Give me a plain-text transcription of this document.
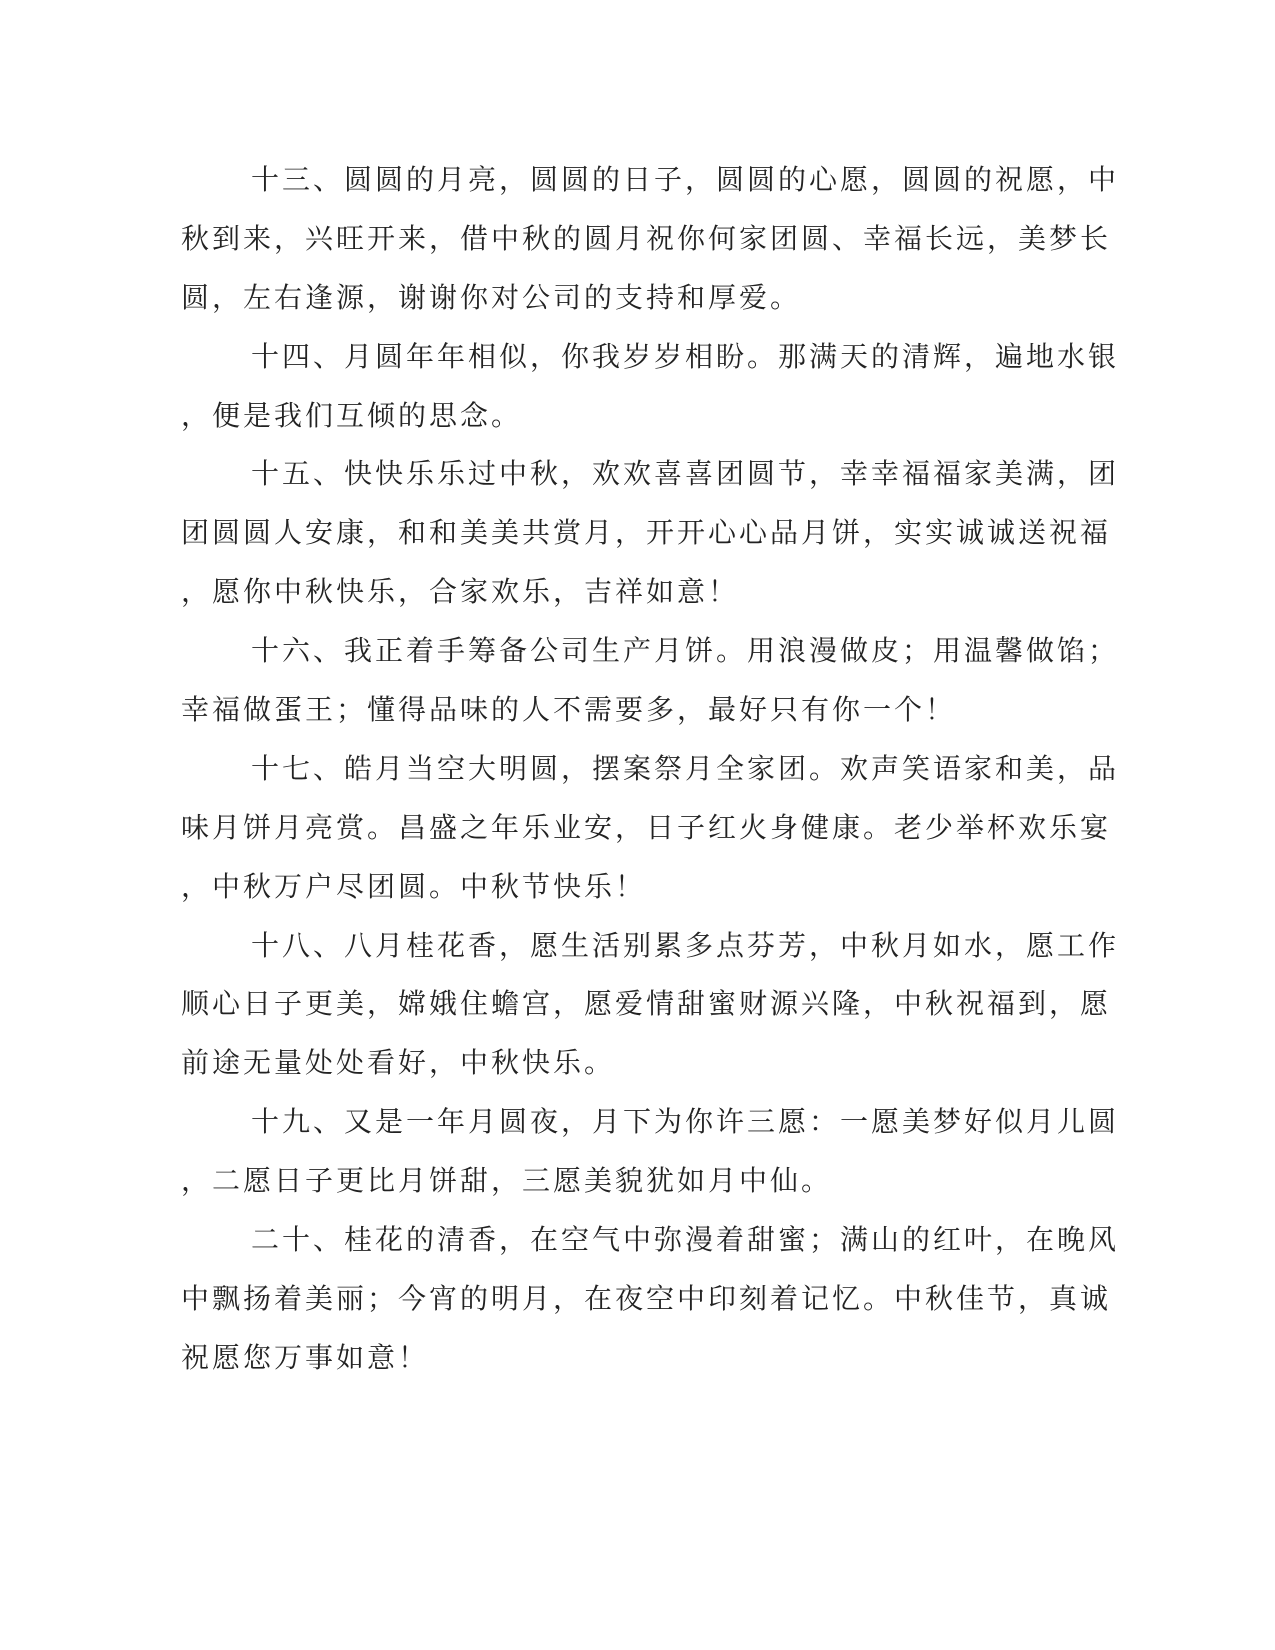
十三、圆圆的月亮，圆圆的日子，圆圆的心愿，圆圆的祝愿，中
秋到来，兴旺开来，借中秋的圆月祝你何家团圆、幸福长远，美梦长
圆，左右逢源，谢谢你对公司的支持和厚爱。
十四、月圆年年相似，你我岁岁相盼。那满天的清辉，遍地水银
，便是我们互倾的思念。
十五、快快乐乐过中秋，欢欢喜喜团圆节，幸幸福福家美满，团
团圆圆人安康，和和美美共赏月，开开心心品月饼，实实诚诚送祝福
，愿你中秋快乐，合家欢乐，吉祥如意！
十六、我正着手筹备公司生产月饼。用浪漫做皮；用温馨做馅；
幸福做蛋王；懂得品味的人不需要多，最好只有你一个！
十七、皓月当空大明圆，摆案祭月全家团。欢声笑语家和美，品
味月饼月亮赏。昌盛之年乐业安，日子红火身健康。老少举杯欢乐宴
，中秋万户尽团圆。中秋节快乐！
十八、八月桂花香，愿生活别累多点芬芳，中秋月如水，愿工作
顺心日子更美，嫦娥住蟾宫，愿爱情甜蜜财源兴隆，中秋祝福到，愿
前途无量处处看好，中秋快乐。
十九、又是一年月圆夜，月下为你许三愿：一愿美梦好似月儿圆
，二愿日子更比月饼甜，三愿美貌犹如月中仙。
二十、桂花的清香，在空气中弥漫着甜蜜；满山的红叶，在晚风
中飘扬着美丽；今宵的明月，在夜空中印刻着记忆。中秋佳节，真诚
祝愿您万事如意！
